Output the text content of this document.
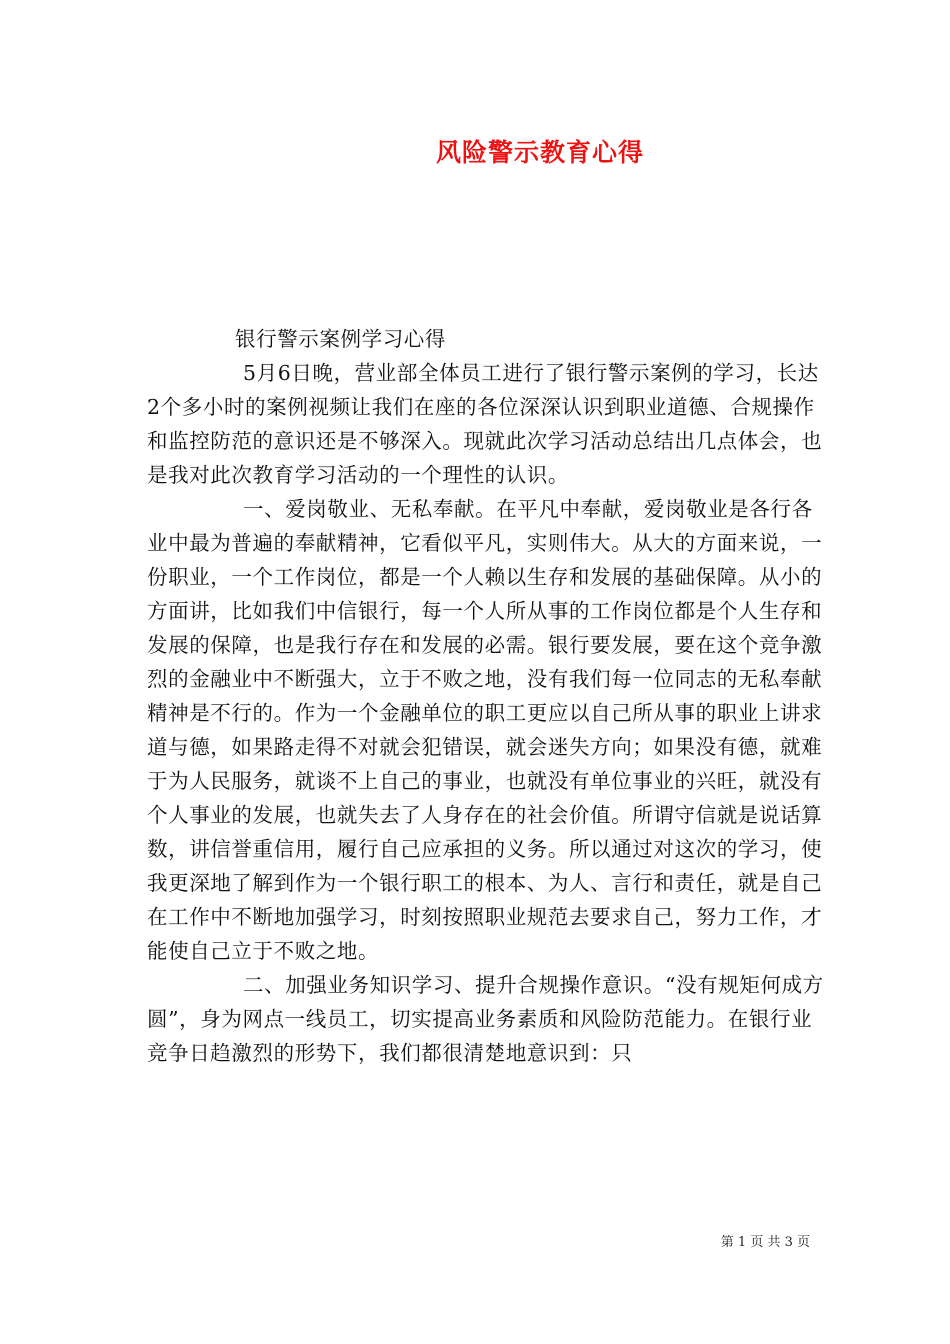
风险警示教育心得

银行警示案例学习心得

5月6日晚，营业部全体员工进行了银行警示案例的学习，长达2个多小时的案例视频让我们在座的各位深深认识到职业道德、合规操作和监控防范的意识还是不够深入。现就此次学习活动总结出几点体会，也是我对此次教育学习活动的一个理性的认识。

一、爱岗敬业、无私奉献。在平凡中奉献，爱岗敬业是各行各业中最为普遍的奉献精神，它看似平凡，实则伟大。从大的方面来说，一份职业，一个工作岗位，都是一个人赖以生存和发展的基础保障。从小的方面讲，比如我们中信银行，每一个人所从事的工作岗位都是个人生存和发展的保障，也是我行存在和发展的必需。银行要发展，要在这个竞争激烈的金融业中不断强大，立于不败之地，没有我们每一位同志的无私奉献精神是不行的。作为一个金融单位的职工更应以自己所从事的职业上讲求道与德，如果路走得不对就会犯错误，就会迷失方向；如果没有德，就难于为人民服务，就谈不上自己的事业，也就没有单位事业的兴旺，就没有个人事业的发展，也就失去了人身存在的社会价值。所谓守信就是说话算数，讲信誉重信用，履行自己应承担的义务。所以通过对这次的学习，使我更深地了解到作为一个银行职工的根本、为人、言行和责任，就是自己在工作中不断地加强学习，时刻按照职业规范去要求自己，努力工作，才能使自己立于不败之地。

二、加强业务知识学习、提升合规操作意识。“没有规矩何成方圆”，身为网点一线员工，切实提高业务素质和风险防范能力。在银行业竞争日趋激烈的形势下，我们都很清楚地意识到：只

第 1 页 共 3 页
